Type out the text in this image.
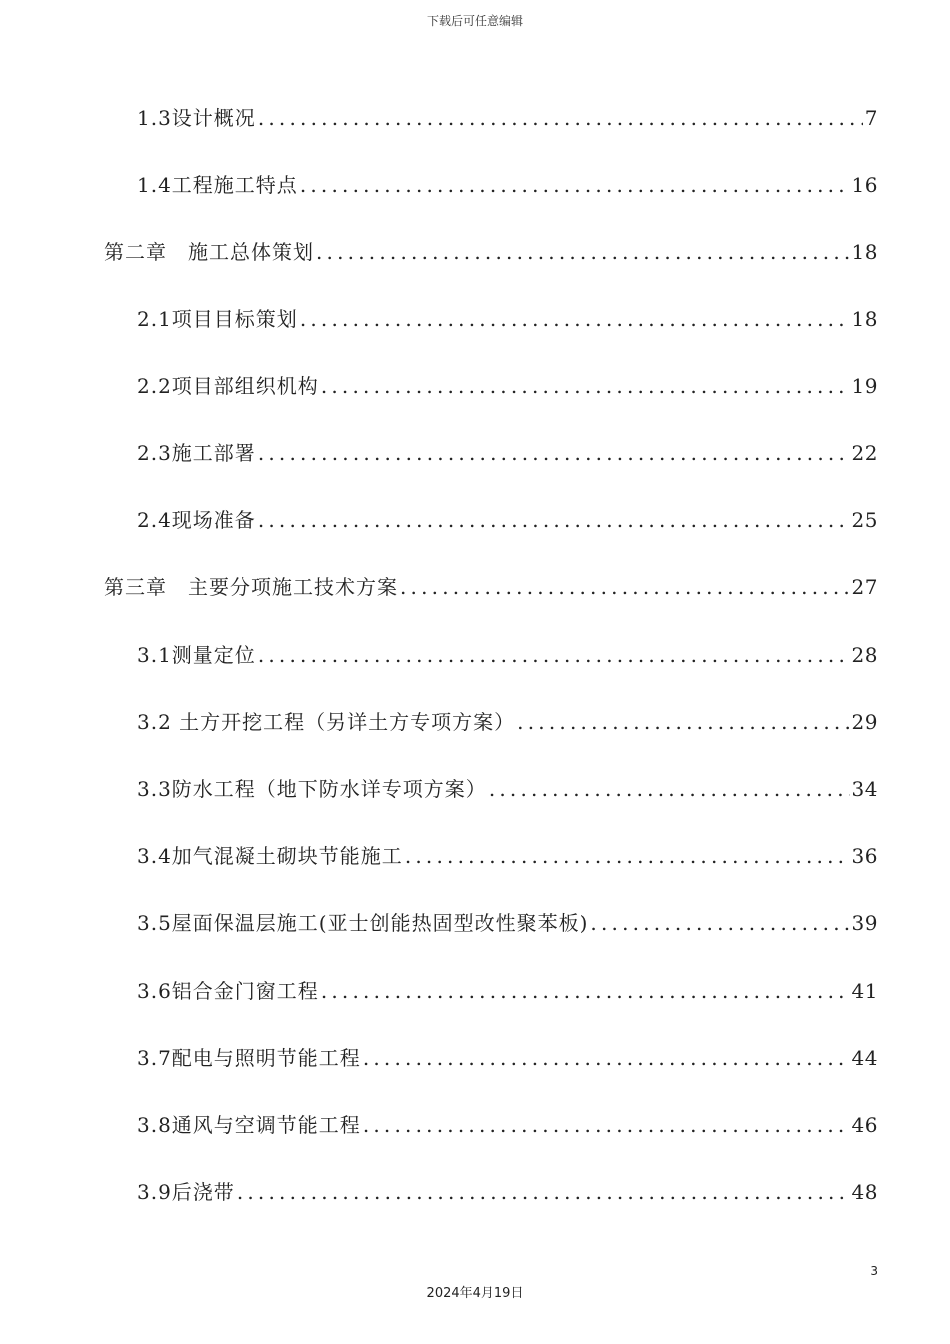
下载后可任意编辑
1.3设计概况 .....	7
1.4工程施工特点 .....	16
第二章　施工总体策划 .....	18
2.1项目目标策划 .....	18
2.2项目部组织机构 .....	19
2.3施工部署 .....	22
2.4现场准备 .....	25
第三章　主要分项施工技术方案 .....	27
3.1测量定位 .....	28
3.2 土方开挖工程（另详土方专项方案） .....	29
3.3防水工程（地下防水详专项方案） .....	34
3.4加气混凝土砌块节能施工 .....	36
3.5屋面保温层施工(亚士创能热固型改性聚苯板) .....	39
3.6铝合金门窗工程 .....	41
3.7配电与照明节能工程 .....	44
3.8通风与空调节能工程 .....	46
3.9后浇带 .....	48
3
2024年4月19日
